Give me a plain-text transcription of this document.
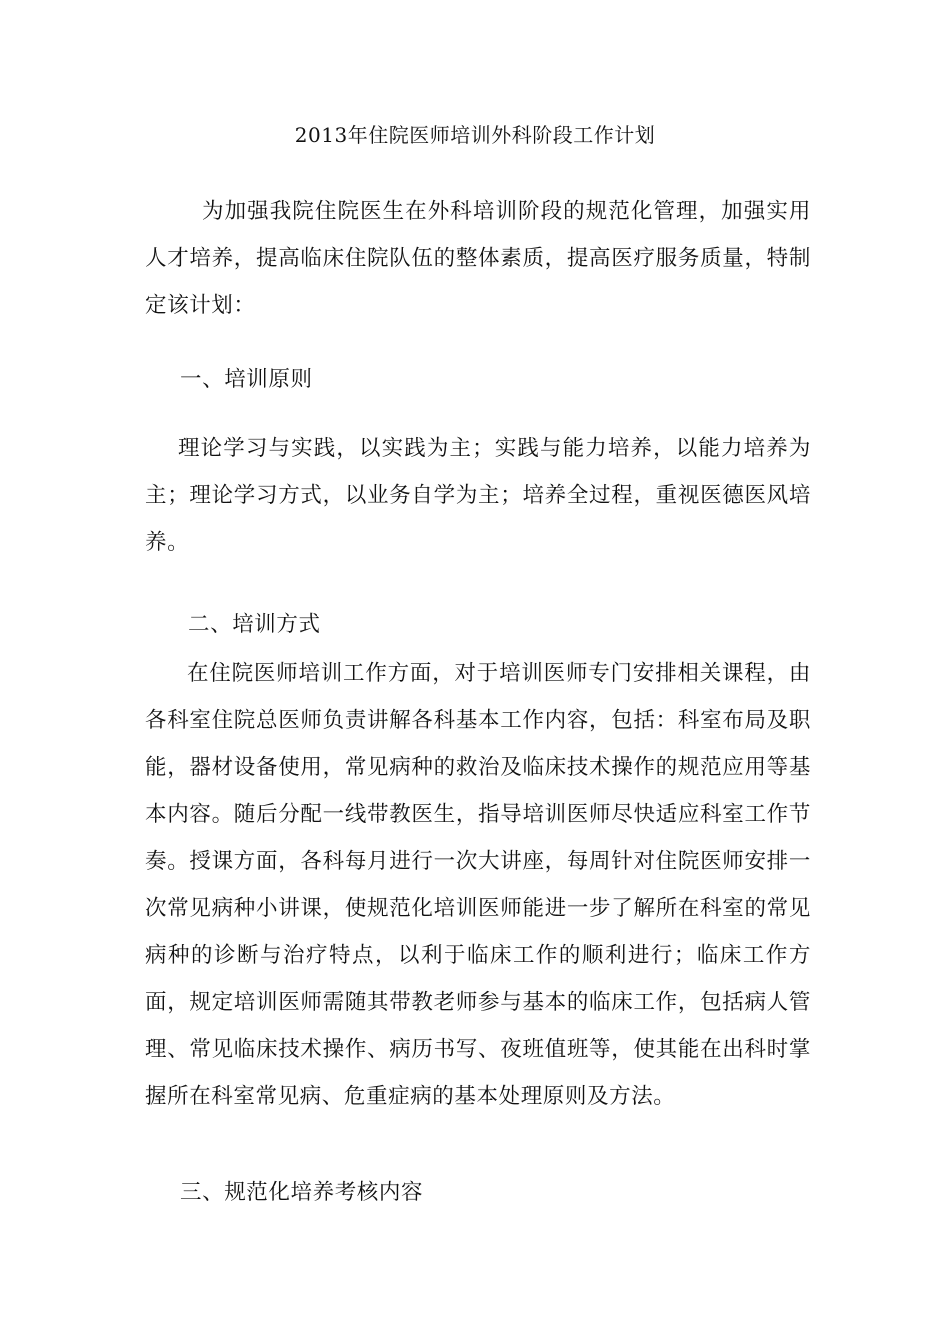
2013年住院医师培训外科阶段工作计划

为加强我院住院医生在外科培训阶段的规范化管理，加强实用人才培养，提高临床住院队伍的整体素质，提高医疗服务质量，特制定该计划：

一、培训原则

理论学习与实践，以实践为主；实践与能力培养，以能力培养为主；理论学习方式，以业务自学为主；培养全过程，重视医德医风培养。

二、培训方式

在住院医师培训工作方面，对于培训医师专门安排相关课程，由各科室住院总医师负责讲解各科基本工作内容，包括：科室布局及职能，器材设备使用，常见病种的救治及临床技术操作的规范应用等基本内容。随后分配一线带教医生，指导培训医师尽快适应科室工作节奏。授课方面，各科每月进行一次大讲座，每周针对住院医师安排一次常见病种小讲课，使规范化培训医师能进一步了解所在科室的常见病种的诊断与治疗特点，以利于临床工作的顺利进行；临床工作方面，规定培训医师需随其带教老师参与基本的临床工作，包括病人管理、常见临床技术操作、病历书写、夜班值班等，使其能在出科时掌握所在科室常见病、危重症病的基本处理原则及方法。

三、规范化培养考核内容
